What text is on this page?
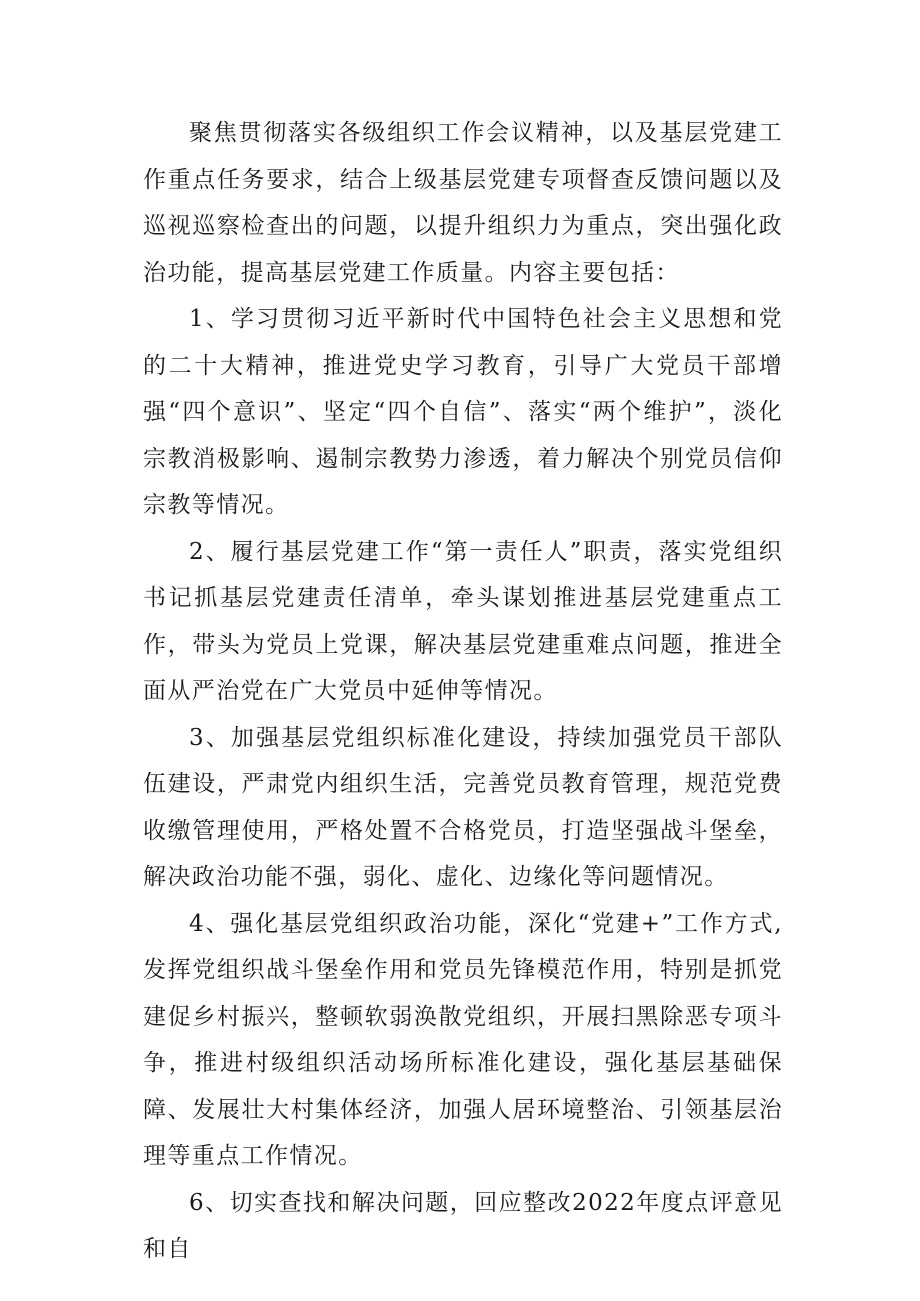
聚焦贯彻落实各级组织工作会议精神，以及基层党建工作重点任务要求，结合上级基层党建专项督查反馈问题以及巡视巡察检查出的问题，以提升组织力为重点，突出强化政治功能，提高基层党建工作质量。内容主要包括：

1、学习贯彻习近平新时代中国特色社会主义思想和党的二十大精神，推进党史学习教育，引导广大党员干部增强“四个意识”、坚定“四个自信”、落实“两个维护”，淡化宗教消极影响、遏制宗教势力渗透，着力解决个别党员信仰宗教等情况。

2、履行基层党建工作“第一责任人”职责，落实党组织书记抓基层党建责任清单，牵头谋划推进基层党建重点工作，带头为党员上党课，解决基层党建重难点问题，推进全面从严治党在广大党员中延伸等情况。

3、加强基层党组织标准化建设，持续加强党员干部队伍建设，严肃党内组织生活，完善党员教育管理，规范党费收缴管理使用，严格处置不合格党员，打造坚强战斗堡垒，解决政治功能不强，弱化、虚化、边缘化等问题情况。

4、强化基层党组织政治功能，深化“党建+”工作方式,发挥党组织战斗堡垒作用和党员先锋模范作用，特别是抓党建促乡村振兴，整顿软弱涣散党组织，开展扫黑除恶专项斗争，推进村级组织活动场所标准化建设，强化基层基础保障、发展壮大村集体经济，加强人居环境整治、引领基层治理等重点工作情况。

6、切实查找和解决问题，回应整改2022年度点评意见和自
